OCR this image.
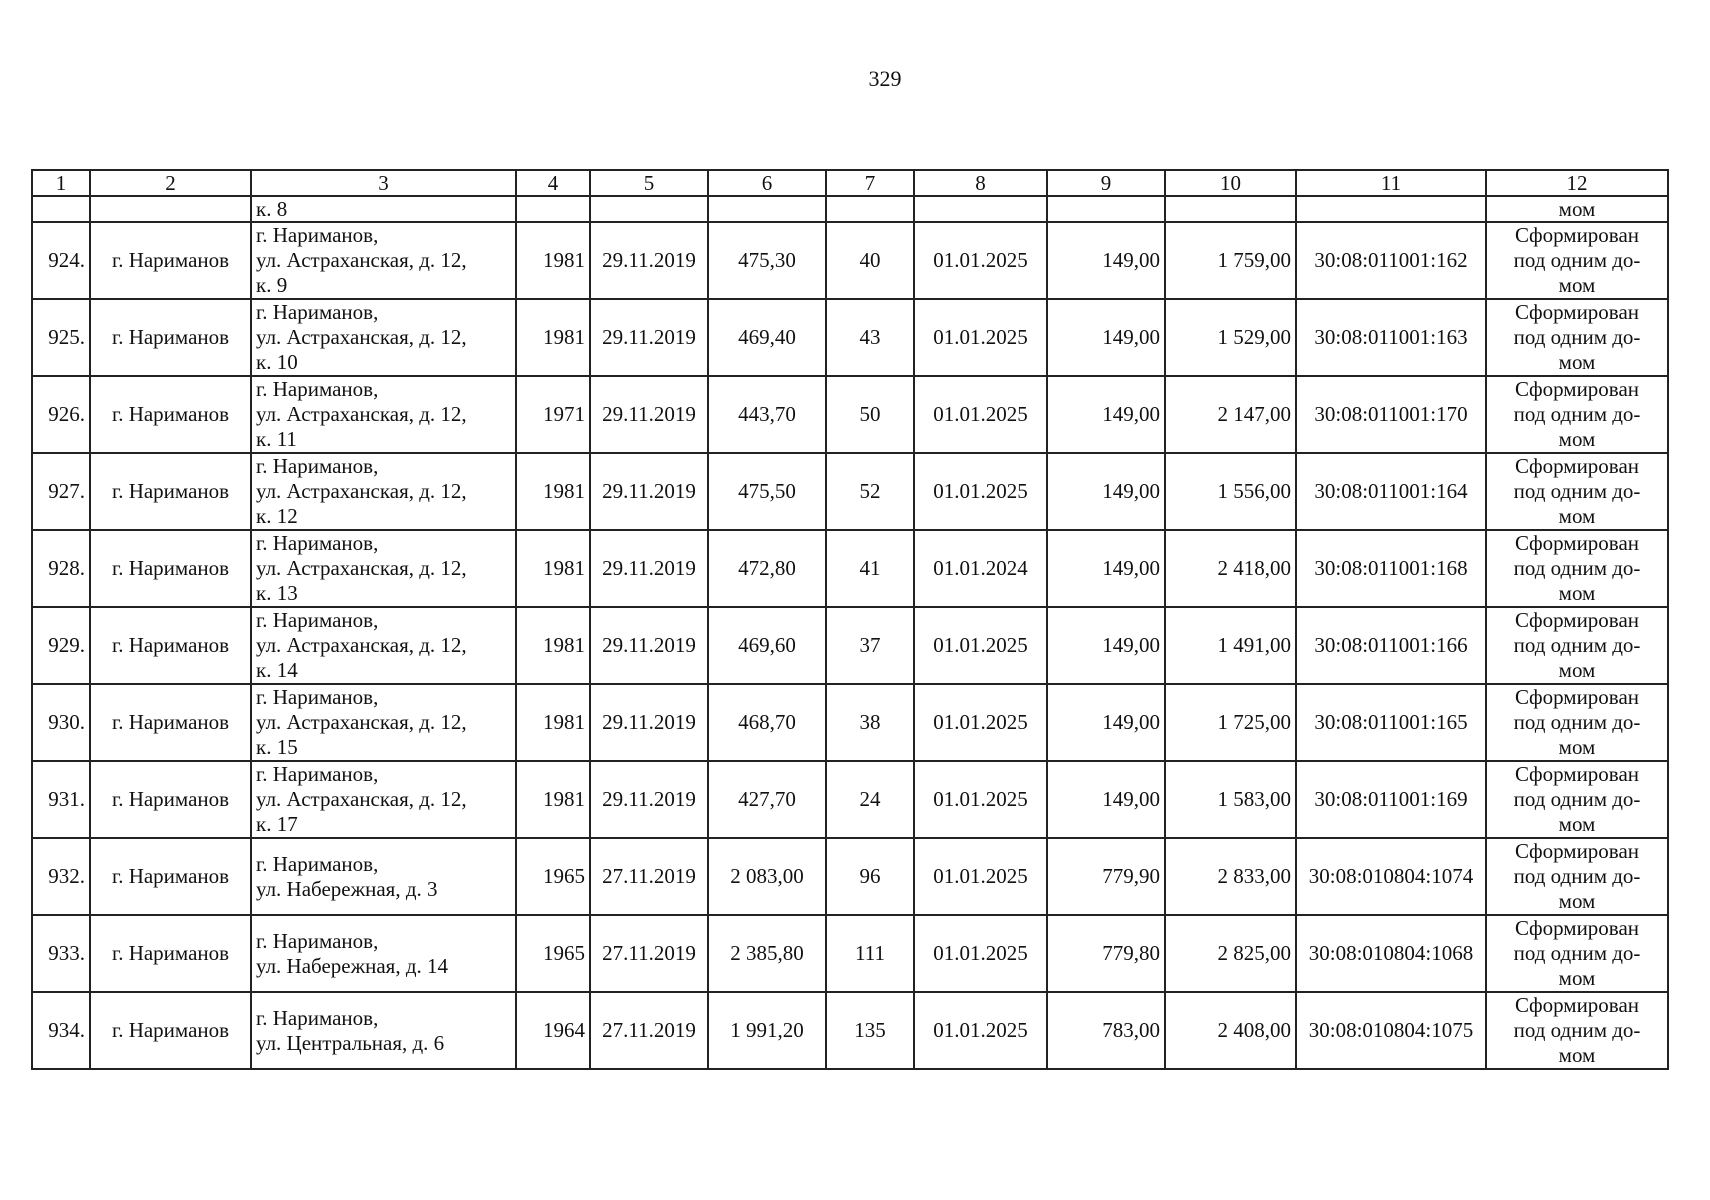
329
1	2	3	4	5	6	7	8	9	10	11	12
		к. 8									мом
924.	г. Нариманов	г. Нариманов,
ул. Астраханская, д. 12,
к. 9	1981	29.11.2019	475,30	40	01.01.2025	149,00	1 759,00	30:08:011001:162	Сформирован
под одним до-
мом

925.	г. Нариманов	г. Нариманов,
ул. Астраханская, д. 12,
к. 10	1981	29.11.2019	469,40	43	01.01.2025	149,00	1 529,00	30:08:011001:163	Сформирован
под одним до-
мом

926.	г. Нариманов	г. Нариманов,
ул. Астраханская, д. 12,
к. 11	1971	29.11.2019	443,70	50	01.01.2025	149,00	2 147,00	30:08:011001:170	Сформирован
под одним до-
мом

927.	г. Нариманов	г. Нариманов,
ул. Астраханская, д. 12,
к. 12	1981	29.11.2019	475,50	52	01.01.2025	149,00	1 556,00	30:08:011001:164	Сформирован
под одним до-
мом

928.	г. Нариманов	г. Нариманов,
ул. Астраханская, д. 12,
к. 13	1981	29.11.2019	472,80	41	01.01.2024	149,00	2 418,00	30:08:011001:168	Сформирован
под одним до-
мом

929.	г. Нариманов	г. Нариманов,
ул. Астраханская, д. 12,
к. 14	1981	29.11.2019	469,60	37	01.01.2025	149,00	1 491,00	30:08:011001:166	Сформирован
под одним до-
мом

930.	г. Нариманов	г. Нариманов,
ул. Астраханская, д. 12,
к. 15	1981	29.11.2019	468,70	38	01.01.2025	149,00	1 725,00	30:08:011001:165	Сформирован
под одним до-
мом

931.	г. Нариманов	г. Нариманов,
ул. Астраханская, д. 12,
к. 17	1981	29.11.2019	427,70	24	01.01.2025	149,00	1 583,00	30:08:011001:169	Сформирован
под одним до-
мом

932.	г. Нариманов	г. Нариманов,
ул. Набережная, д. 3	1965	27.11.2019	2 083,00	96	01.01.2025	779,90	2 833,00	30:08:010804:1074	Сформирован
под одним до-
мом

933.	г. Нариманов	г. Нариманов,
ул. Набережная, д. 14	1965	27.11.2019	2 385,80	111	01.01.2025	779,80	2 825,00	30:08:010804:1068	Сформирован
под одним до-
мом

934.	г. Нариманов	г. Нариманов,
ул. Центральная, д. 6	1964	27.11.2019	1 991,20	135	01.01.2025	783,00	2 408,00	30:08:010804:1075	Сформирован
под одним до-
мом
